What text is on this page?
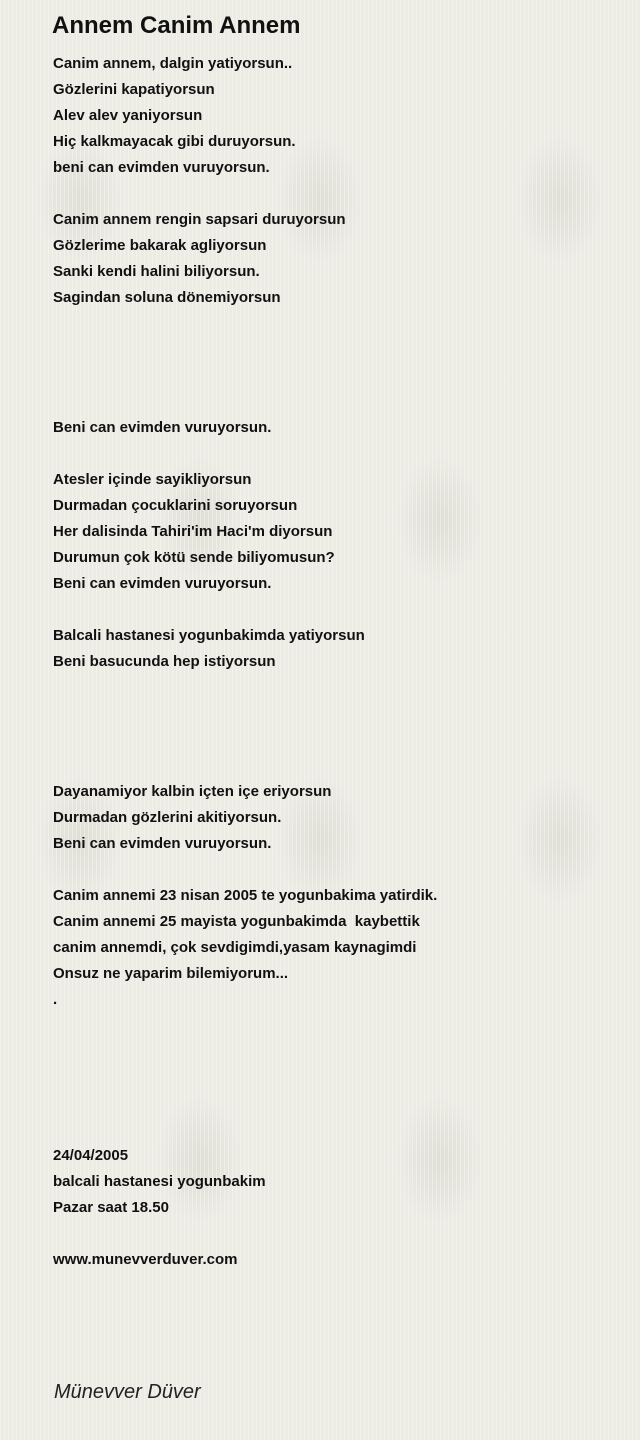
Annem Canim Annem
Canim annem, dalgin yatiyorsun..
Gözlerini kapatiyorsun
Alev alev yaniyorsun
Hiç kalkmayacak gibi duruyorsun.
beni can evimden vuruyorsun.
Canim annem rengin sapsari duruyorsun
Gözlerime bakarak agliyorsun
Sanki kendi halini biliyorsun.
Sagindan soluna dönemiyorsun
Beni can evimden vuruyorsun.
Atesler içinde sayikliyorsun
Durmadan çocuklarini soruyorsun
Her dalisinda Tahiri'im Haci'm diyorsun
Durumun çok kötü sende biliyomusun?
Beni can evimden vuruyorsun.
Balcali hastanesi yogunbakimda yatiyorsun
Beni basucunda hep istiyorsun
Dayanamiyor kalbin içten içe eriyorsun
Durmadan gözlerini akitiyorsun.
Beni can evimden vuruyorsun.
Canim annemi 23 nisan 2005 te yogunbakima yatirdik.
Canim annemi 25 mayista yogunbakimda  kaybettik
canim annemdi, çok sevdigimdi,yasam kaynagimdi
Onsuz ne yaparim bilemiyorum...
.
24/04/2005
balcali hastanesi yogunbakim
Pazar saat 18.50
www.munevverduver.com
Münevver Düver
